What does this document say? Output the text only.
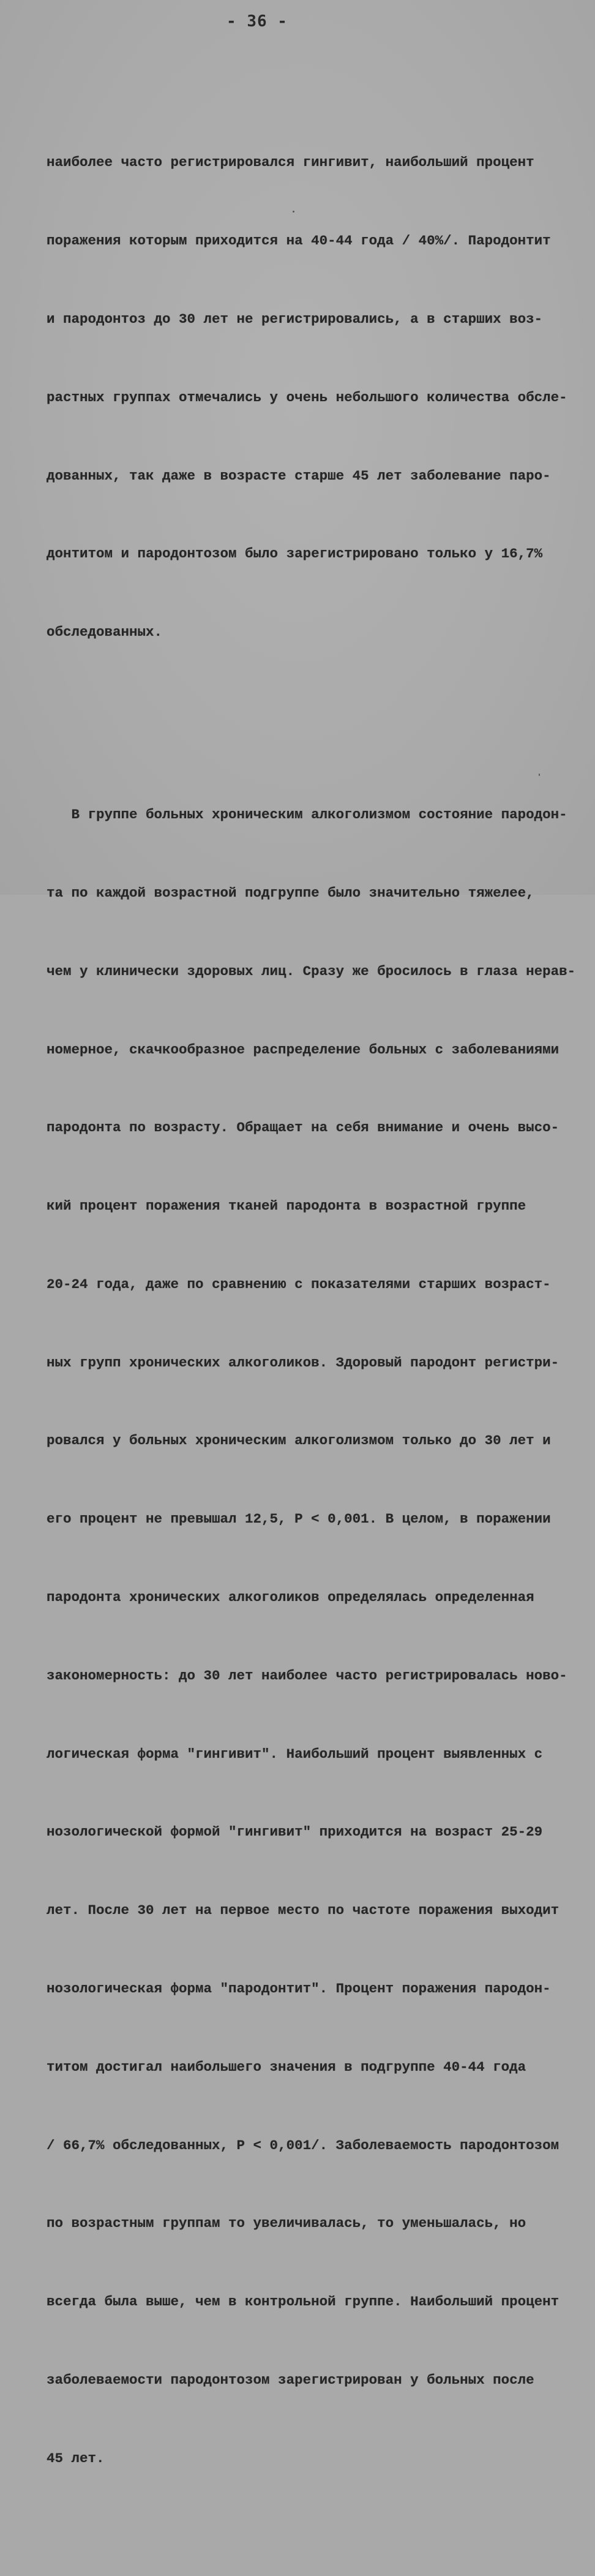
- 36 -

наиболее часто регистрировался гингивит, наибольший процент

поражения которым приходится на 40-44 года / 40%/. Пародонтит

и пародонтоз до 30 лет не регистрировались, а в старших воз-

растных группах отмечались у очень небольшого количества обсле-

дованных, так даже в возрасте старше 45 лет заболевание паро-

донтитом и пародонтозом было зарегистрировано только у 16,7%

обследованных.

В группе больных хроническим алкоголизмом состояние пародон-

та по каждой возрастной подгруппе было значительно тяжелее,

чем у клинически здоровых лиц. Сразу же бросилось в глаза нерав-

номерное, скачкообразное распределение больных с заболеваниями

пародонта по возрасту. Обращает на себя внимание и очень высо-

кий процент поражения тканей пародонта в возрастной группе

20-24 года, даже по сравнению с показателями старших возраст-

ных групп хронических алкоголиков. Здоровый пародонт регистри-

ровался у больных хроническим алкоголизмом только до 30 лет и

его процент не превышал 12,5, P < 0,001. В целом, в поражении

пародонта хронических алкоголиков определялась определенная

закономерность: до 30 лет наиболее часто регистрировалась ново-

логическая форма "гингивит". Наибольший процент выявленных с

нозологической формой "гингивит" приходится на возраст 25-29

лет. После 30 лет на первое место по частоте поражения выходит

нозологическая форма "пародонтит". Процент поражения пародон-

титом достигал наибольшего значения в подгруппе 40-44 года

/ 66,7% обследованных, P < 0,001/. Заболеваемость пародонтозом

по возрастным группам то увеличивалась, то уменьшалась, но

всегда была выше, чем в контрольной группе. Наибольший процент

заболеваемости пародонтозом зарегистрирован у больных после

45 лет.
